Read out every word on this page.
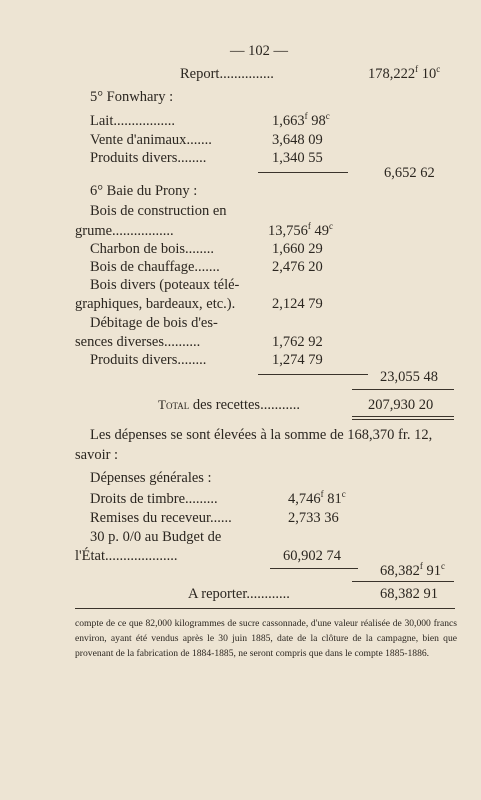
— 102 —
Report...............	178,222$^f$ 10$^c$
5° Fonwhary :
Lait.................	1,663$^f$ 98$^c$
Vente d'animaux.......	3,648 09
Produits divers........	1,340 55
6,652 62
6° Baie du Prony :
Bois de construction en
grume.................	13,756$^f$ 49$^c$
Charbon de bois........	1,660 29
Bois de chauffage.......	2,476 20
Bois divers (poteaux télé-
graphiques, bardeaux, etc.).	2,124 79
Débitage de bois d'es-
sences diverses..........	1,762 92
Produits divers........	1,274 79
23,055 48
Total des recettes...........	207,930 20
Les dépenses se sont élevées à la somme de 168,370 fr. 12,
savoir :
Dépenses générales :
Droits de timbre.........	4,746$^f$ 81$^c$
Remises du receveur......	2,733 36
30 p. 0/0 au Budget de
l'État....................	60,902 74
68,382$^f$ 91$^c$
A reporter............	68,382 91
compte de ce que 82,000 kilogrammes de sucre cassonnade, d'une valeur réalisée de 30,000 francs environ, ayant été vendus après le 30 juin 1885, date de la clôture de la campagne, bien que provenant de la fabrication de 1884-1885, ne seront compris que dans le compte 1885-1886.
